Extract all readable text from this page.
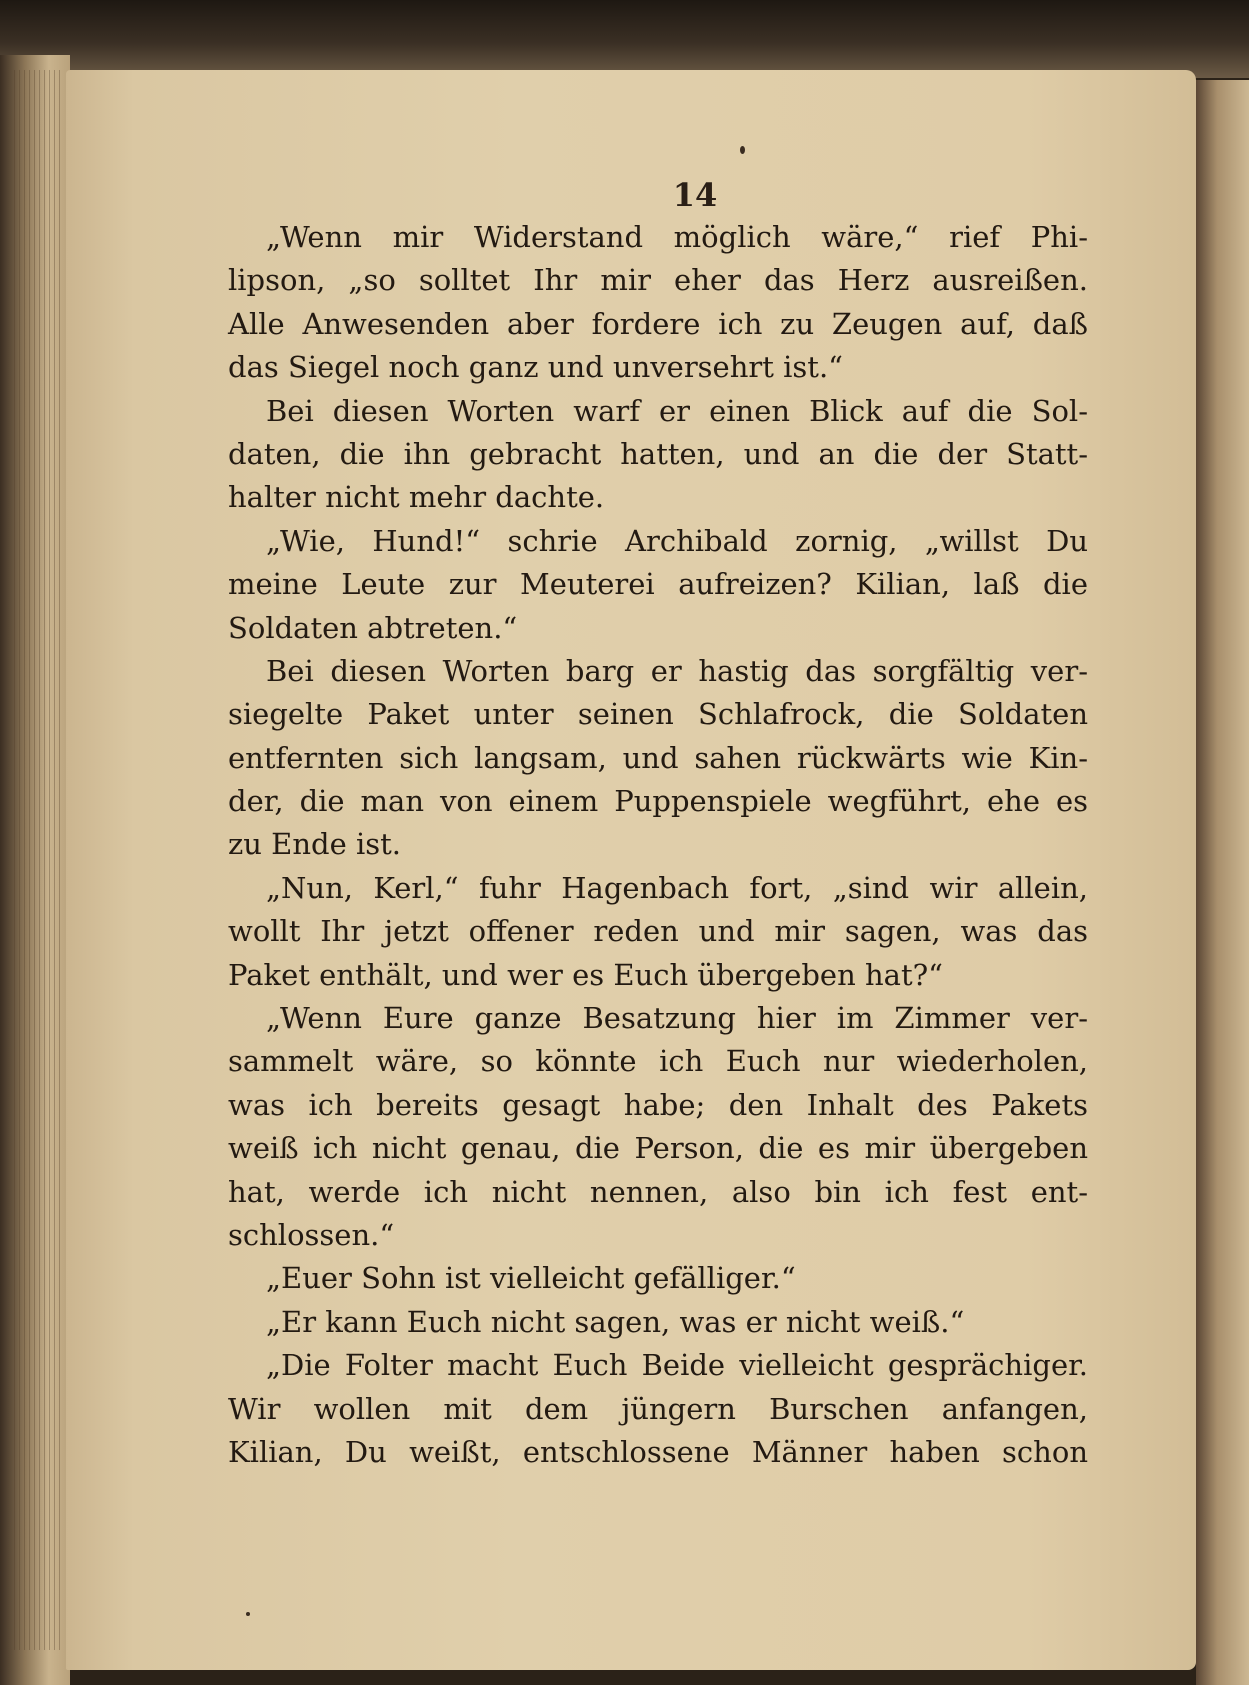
14
„Wenn mir Widerstand möglich wäre,“ rief Phi-
lipson, „so solltet Ihr mir eher das Herz ausreißen.
Alle Anwesenden aber fordere ich zu Zeugen auf, daß
das Siegel noch ganz und unversehrt ist.“
Bei diesen Worten warf er einen Blick auf die Sol-
daten, die ihn gebracht hatten, und an die der Statt-
halter nicht mehr dachte.
„Wie, Hund!“ schrie Archibald zornig, „willst Du
meine Leute zur Meuterei aufreizen? Kilian, laß die
Soldaten abtreten.“
Bei diesen Worten barg er hastig das sorgfältig ver-
siegelte Paket unter seinen Schlafrock, die Soldaten
entfernten sich langsam, und sahen rückwärts wie Kin-
der, die man von einem Puppenspiele wegführt, ehe es
zu Ende ist.
„Nun, Kerl,“ fuhr Hagenbach fort, „sind wir allein,
wollt Ihr jetzt offener reden und mir sagen, was das
Paket enthält, und wer es Euch übergeben hat?“
„Wenn Eure ganze Besatzung hier im Zimmer ver-
sammelt wäre, so könnte ich Euch nur wiederholen,
was ich bereits gesagt habe; den Inhalt des Pakets
weiß ich nicht genau, die Person, die es mir übergeben
hat, werde ich nicht nennen, also bin ich fest ent-
schlossen.“
„Euer Sohn ist vielleicht gefälliger.“
„Er kann Euch nicht sagen, was er nicht weiß.“
„Die Folter macht Euch Beide vielleicht gesprächiger.
Wir wollen mit dem jüngern Burschen anfangen,
Kilian, Du weißt, entschlossene Männer haben schon
